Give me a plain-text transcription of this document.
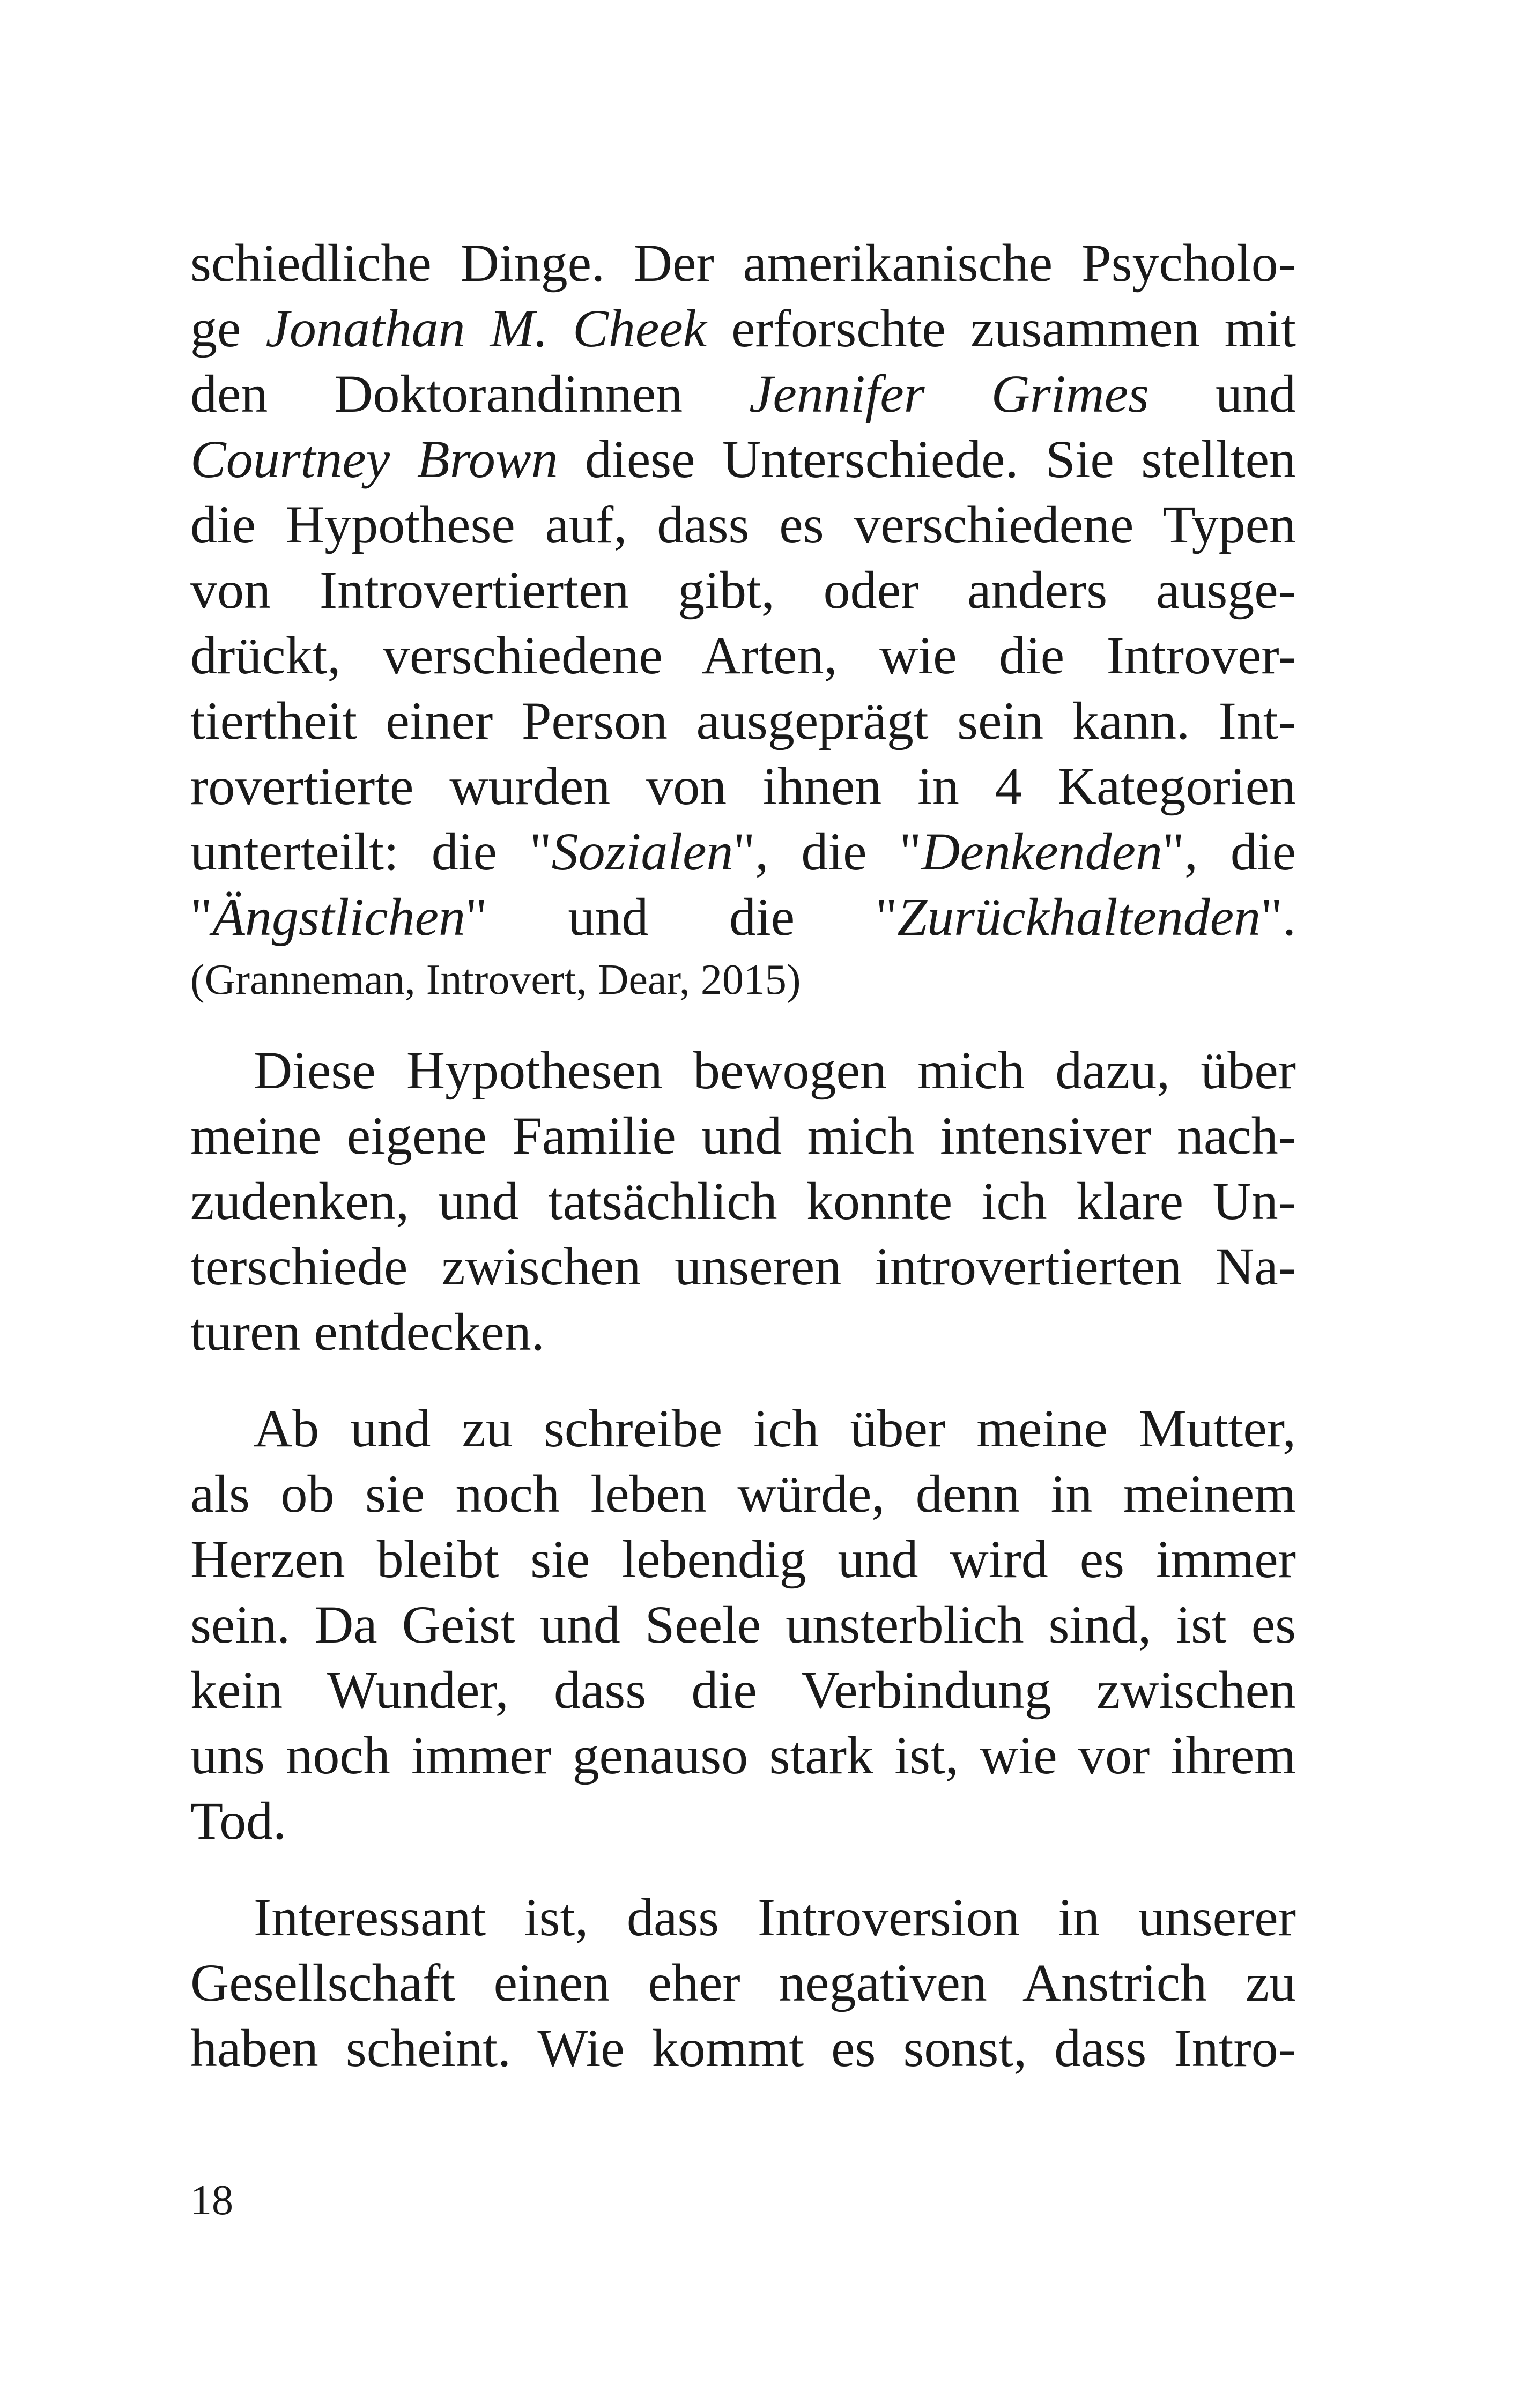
schiedliche Dinge. Der amerikanische Psycholo-
ge Jonathan M. Cheek erforschte zusammen mit
den Doktorandinnen Jennifer Grimes und
Courtney Brown diese Unterschiede. Sie stellten
die Hypothese auf, dass es verschiedene Typen
von Introvertierten gibt, oder anders ausge-
drückt, verschiedene Arten, wie die Introver-
tiertheit einer Person ausgeprägt sein kann. Int-
rovertierte wurden von ihnen in 4 Kategorien
unterteilt: die "Sozialen", die "Denkenden", die
"Ängstlichen" und die "Zurückhaltenden".
(Granneman, Introvert, Dear, 2015)
Diese Hypothesen bewogen mich dazu, über
meine eigene Familie und mich intensiver nach-
zudenken, und tatsächlich konnte ich klare Un-
terschiede zwischen unseren introvertierten Na-
turen entdecken.
Ab und zu schreibe ich über meine Mutter,
als ob sie noch leben würde, denn in meinem
Herzen bleibt sie lebendig und wird es immer
sein. Da Geist und Seele unsterblich sind, ist es
kein Wunder, dass die Verbindung zwischen
uns noch immer genauso stark ist, wie vor ihrem
Tod.
Interessant ist, dass Introversion in unserer
Gesellschaft einen eher negativen Anstrich zu
haben scheint. Wie kommt es sonst, dass Intro-
18
